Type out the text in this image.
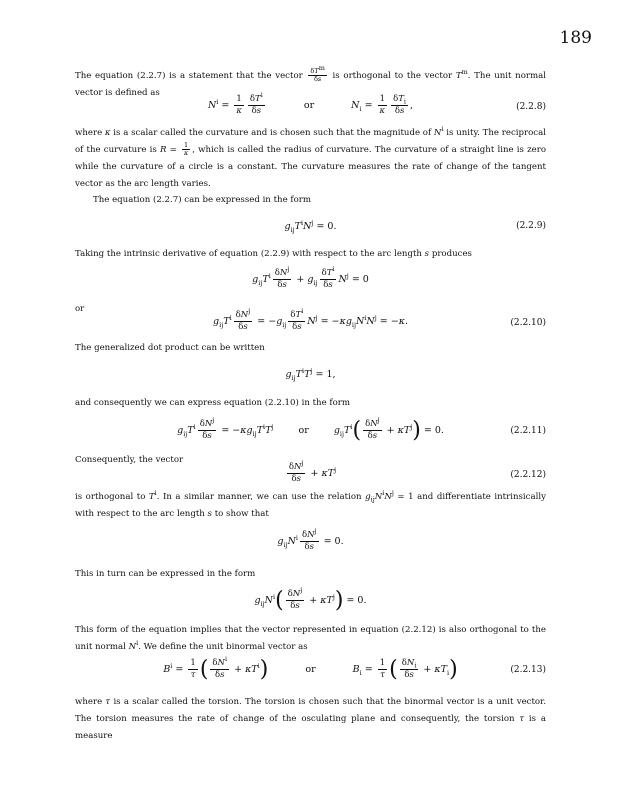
189
The equation (2.2.7) is a statement that the vector $\frac{\delta T^m}{\delta s}$ is orthogonal to the vector $T^m$. The unit normal vector is defined as
$N^i = \frac{1}{\kappa} \frac{\delta T^i}{\delta s}$	or	$N_i = \frac{1}{\kappa} \frac{\delta T_i}{\delta s}$ ,	(2.2.8)
where κ is a scalar called the curvature and is chosen such that the magnitude of $N^i$ is unity. The reciprocal of the curvature is $R = \frac{1}{\kappa}$ , which is called the radius of curvature. The curvature of a straight line is zero while the curvature of a circle is a constant. The curvature measures the rate of change of the tangent vector as the arc length varies.
The equation (2.2.7) can be expressed in the form
$g_{ij}T^iN^j = 0$.	(2.2.9)
Taking the intrinsic derivative of equation (2.2.9) with respect to the arc length s produces
$g_{ij}T^i \frac{\delta N^j}{\delta s} + g_{ij} \frac{\delta T^i}{\delta s} N^j = 0$
or
$g_{ij}T^i \frac{\delta N^j}{\delta s} = -g_{ij} \frac{\delta T^i}{\delta s} N^j = -\kappa g_{ij}N^iN^j = -\kappa$.	(2.2.10)
The generalized dot product can be written
$g_{ij}T^iT^j = 1$,
and consequently we can express equation (2.2.10) in the form
$g_{ij}T^i \frac{\delta N^j}{\delta s} = -\kappa g_{ij}T^iT^j$	or	$g_{ij}T^i( \frac{\delta N^j}{\delta s} + \kappa T^j) = 0$.	(2.2.11)
Consequently, the vector
$\frac{\delta N^j}{\delta s} + \kappa T^j$
(2.2.12)
is orthogonal to $T^i$. In a similar manner, we can use the relation $g_{ij}N^iN^j = 1$ and differentiate intrinsically with respect to the arc length s to show that
$g_{ij}N^i \frac{\delta N^j}{\delta s} = 0$.
This in turn can be expressed in the form
$g_{ij}N^i( \frac{\delta N^j}{\delta s} + \kappa T^j) = 0$.
This form of the equation implies that the vector represented in equation (2.2.12) is also orthogonal to the unit normal $N^i$. We define the unit binormal vector as
$B^i = \frac{1}{\tau}$ ( $\frac{\delta N^i}{\delta s} + \kappa T^i$)	or	$B_i = \frac{1}{\tau}$ ( $\frac{\delta N_i}{\delta s} + \kappa T_i$)	(2.2.13)
where τ is a scalar called the torsion. The torsion is chosen such that the binormal vector is a unit vector. The torsion measures the rate of change of the osculating plane and consequently, the torsion τ is a measure
